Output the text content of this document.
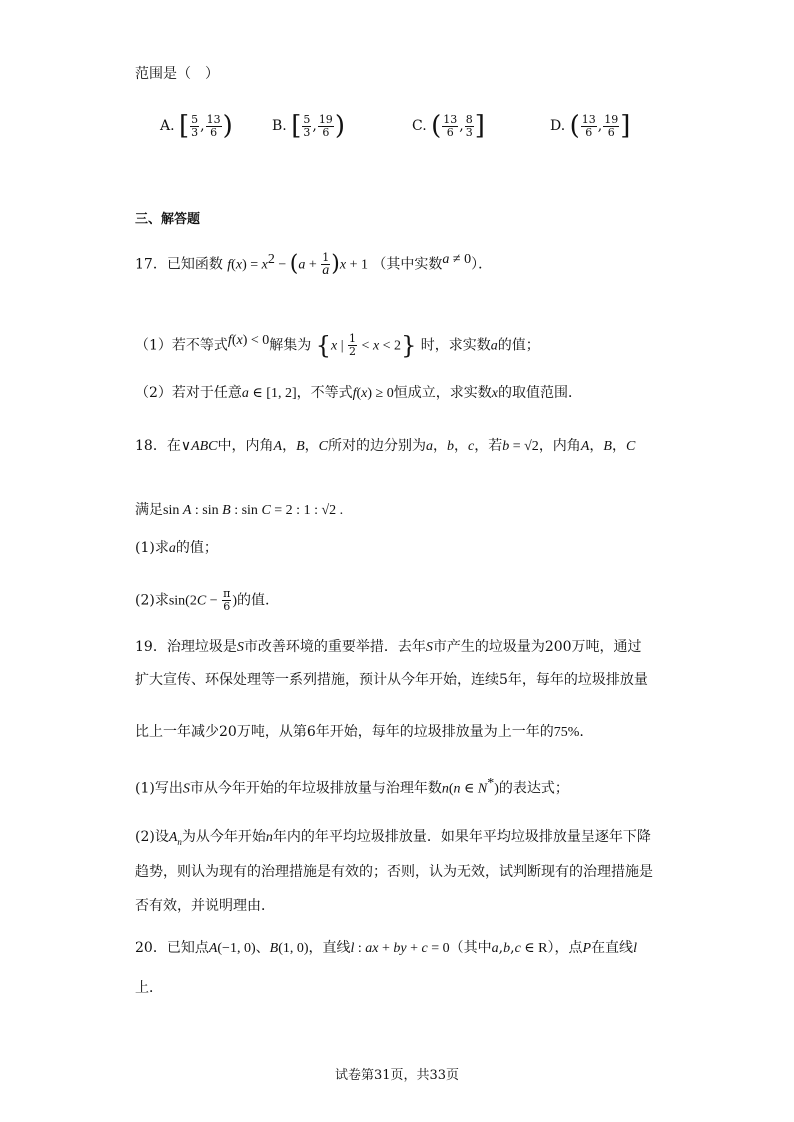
范围是（　）
A. [ $\frac{5}{3}$ , $\frac{13}{6}$ )	B. [ $\frac{5}{3}$ , $\frac{19}{6}$ )	C. ( $\frac{13}{6}$ , $\frac{8}{3}$ ]	D. ( $\frac{13}{6}$ , $\frac{19}{6}$ ]
三、解答题
17．已知函数 $f(x) = x^2 - (a + \frac{1}{a} )x + 1$ （其中实数$^{a \ne 0}$）．
（1）若不等式$^{f(x) < 0}$解集为 {x | $\frac{1}{2} < x < 2$} 时，求实数a的值；
（2）若对于任意a ∈ [1, 2]，不等式f(x) ≥ 0恒成立，求实数x的取值范围．
18．在∨ABC中，内角A，B，C所对的边分别为a，b，c，若b = √2，内角A，B，C
满足sin A : sin B : sin C = 2 : 1 : √2 .
(1)求a的值；
(2)求$\sin(2C - \frac{\pi}{6}$ )的值.
19．治理垃圾是S市改善环境的重要举措．去年S市产生的垃圾量为200万吨，通过
扩大宣传、环保处理等一系列措施，预计从今年开始，连续5年，每年的垃圾排放量
比上一年减少20万吨，从第6年开始，每年的垃圾排放量为上一年的75%.
(1)写出S市从今年开始的年垃圾排放量与治理年数n(n ∈ N*)的表达式；
(2)设$A_n$为从今年开始n年内的年平均垃圾排放量．如果年平均垃圾排放量呈逐年下降
趋势，则认为现有的治理措施是有效的；否则，认为无效，试判断现有的治理措施是
否有效，并说明理由．
20．已知点A(−1, 0)、B(1, 0)，直线l : ax + by + c = 0（其中a,b,c ∈ R），点P在直线l
上．
试卷第31页，共33页
